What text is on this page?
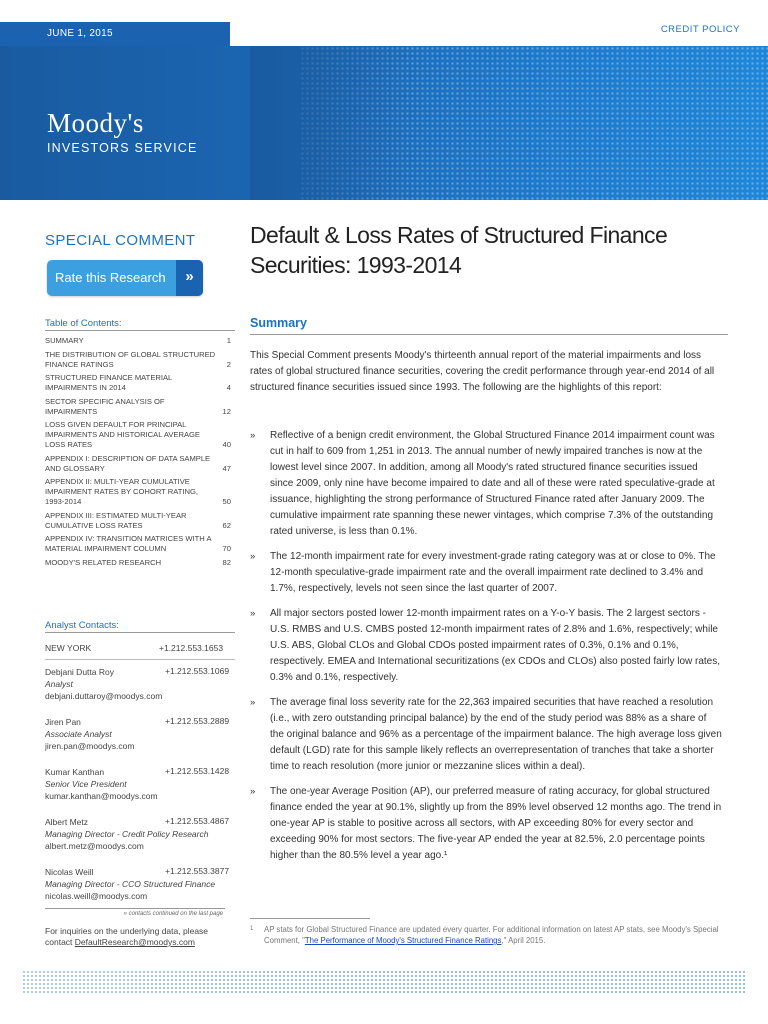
JUNE 1, 2015	CREDIT POLICY
Moody's
INVESTORS SERVICE
SPECIAL COMMENT
Rate this Research	»
Table of Contents:
SUMMARY	1
THE DISTRIBUTION OF GLOBAL STRUCTURED FINANCE RATINGS	2
STRUCTURED FINANCE MATERIAL IMPAIRMENTS IN 2014	4
SECTOR SPECIFIC ANALYSIS OF IMPAIRMENTS	12
LOSS GIVEN DEFAULT FOR PRINCIPAL IMPAIRMENTS AND HISTORICAL AVERAGE LOSS RATES	40
APPENDIX I: DESCRIPTION OF DATA SAMPLE AND GLOSSARY	47
APPENDIX II: MULTI-YEAR CUMULATIVE IMPAIRMENT RATES BY COHORT RATING, 1993-2014	50
APPENDIX III: ESTIMATED MULTI-YEAR CUMULATIVE LOSS RATES	62
APPENDIX IV: TRANSITION MATRICES WITH A MATERIAL IMPAIRMENT COLUMN	70
MOODY'S RELATED RESEARCH	82
Analyst Contacts:
NEW YORK	+1.212.553.1653
Debjani Dutta Roy	+1.212.553.1069
Analyst
debjani.duttaroy@moodys.com
Jiren Pan	+1.212.553.2889
Associate Analyst
jiren.pan@moodys.com
Kumar Kanthan	+1.212.553.1428
Senior Vice President
kumar.kanthan@moodys.com
Albert Metz	+1.212.553.4867
Managing Director - Credit Policy Research
albert.metz@moodys.com
Nicolas Weill	+1.212.553.3877
Managing Director - CCO Structured Finance
nicolas.weill@moodys.com
» contacts continued on the last page
For inquiries on the underlying data, please contact DefaultResearch@moodys.com
Default & Loss Rates of Structured Finance Securities: 1993-2014
Summary

This Special Comment presents Moody's thirteenth annual report of the material impairments and loss rates of global structured finance securities, covering the credit performance through year-end 2014 of all structured finance securities issued since 1993. The following are the highlights of this report:

» Reflective of a benign credit environment, the Global Structured Finance 2014 impairment count was cut in half to 609 from 1,251 in 2013. The annual number of newly impaired tranches is now at the lowest level since 2007. In addition, among all Moody's rated structured finance securities issued since 2009, only nine have become impaired to date and all of these were rated speculative-grade at issuance, highlighting the strong performance of Structured Finance rated after January 2009. The cumulative impairment rate spanning these newer vintages, which comprise 7.3% of the outstanding rated universe, is less than 0.1%.
» The 12-month impairment rate for every investment-grade rating category was at or close to 0%. The 12-month speculative-grade impairment rate and the overall impairment rate declined to 3.4% and 1.7%, respectively, levels not seen since the last quarter of 2007.
» All major sectors posted lower 12-month impairment rates on a Y-o-Y basis. The 2 largest sectors - U.S. RMBS and U.S. CMBS posted 12-month impairment rates of 2.8% and 1.6%, respectively; while U.S. ABS, Global CLOs and Global CDOs posted impairment rates of 0.3%, 0.1% and 0.1%, respectively. EMEA and International securitizations (ex CDOs and CLOs) also posted fairly low rates, 0.3% and 0.1%, respectively.
» The average final loss severity rate for the 22,363 impaired securities that have reached a resolution (i.e., with zero outstanding principal balance) by the end of the study period was 88% as a share of the original balance and 96% as a percentage of the impairment balance. The high average loss given default (LGD) rate for this sample likely reflects an overrepresentation of tranches that take a shorter time to reach resolution (more junior or mezzanine slices within a deal).
» The one-year Average Position (AP), our preferred measure of rating accuracy, for global structured finance ended the year at 90.1%, slightly up from the 89% level observed 12 months ago. The trend in one-year AP is stable to positive across all sectors, with AP exceeding 80% for every sector and exceeding 90% for most sectors. The five-year AP ended the year at 82.5%, 2.0 percentage points higher than the 80.5% level a year ago.¹
1 AP stats for Global Structured Finance are updated every quarter. For additional information on latest AP stats, see Moody's Special Comment, "The Performance of Moody's Structured Finance Ratings," April 2015.
